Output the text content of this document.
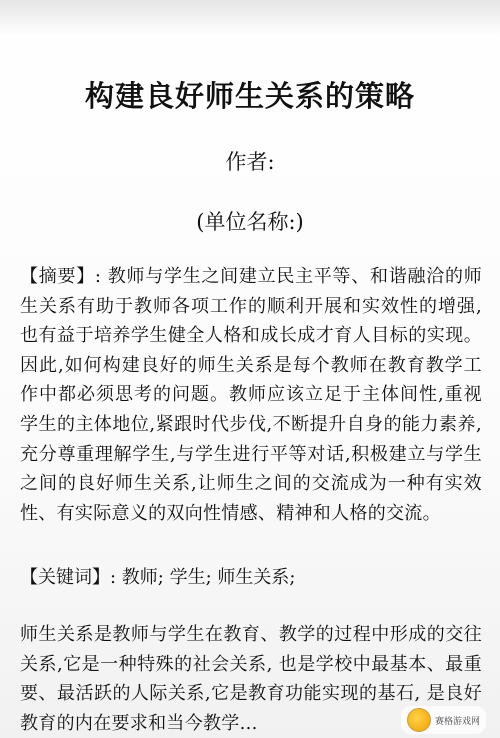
构建良好师生关系的策略
作者:
(单位名称:)
【摘要】: 教师与学生之间建立民主平等、和谐融洽的师生关系有助于教师各项工作的顺利开展和实效性的增强,也有益于培养学生健全人格和成长成才育人目标的实现。因此,如何构建良好的师生关系是每个教师在教育教学工作中都必须思考的问题。教师应该立足于主体间性,重视学生的主体地位,紧跟时代步伐,不断提升自身的能力素养,充分尊重理解学生,与学生进行平等对话,积极建立与学生之间的良好师生关系,让师生之间的交流成为一种有实效性、有实际意义的双向性情感、精神和人格的交流。
【关键词】: 教师; 学生; 师生关系;
师生关系是教师与学生在教育、教学的过程中形成的交往关系,它是一种特殊的社会关系, 也是学校中最基本、最重要、最活跃的人际关系,它是教育功能实现的基石, 是良好教育的内在要求和当今教学...	赛格游戏网
